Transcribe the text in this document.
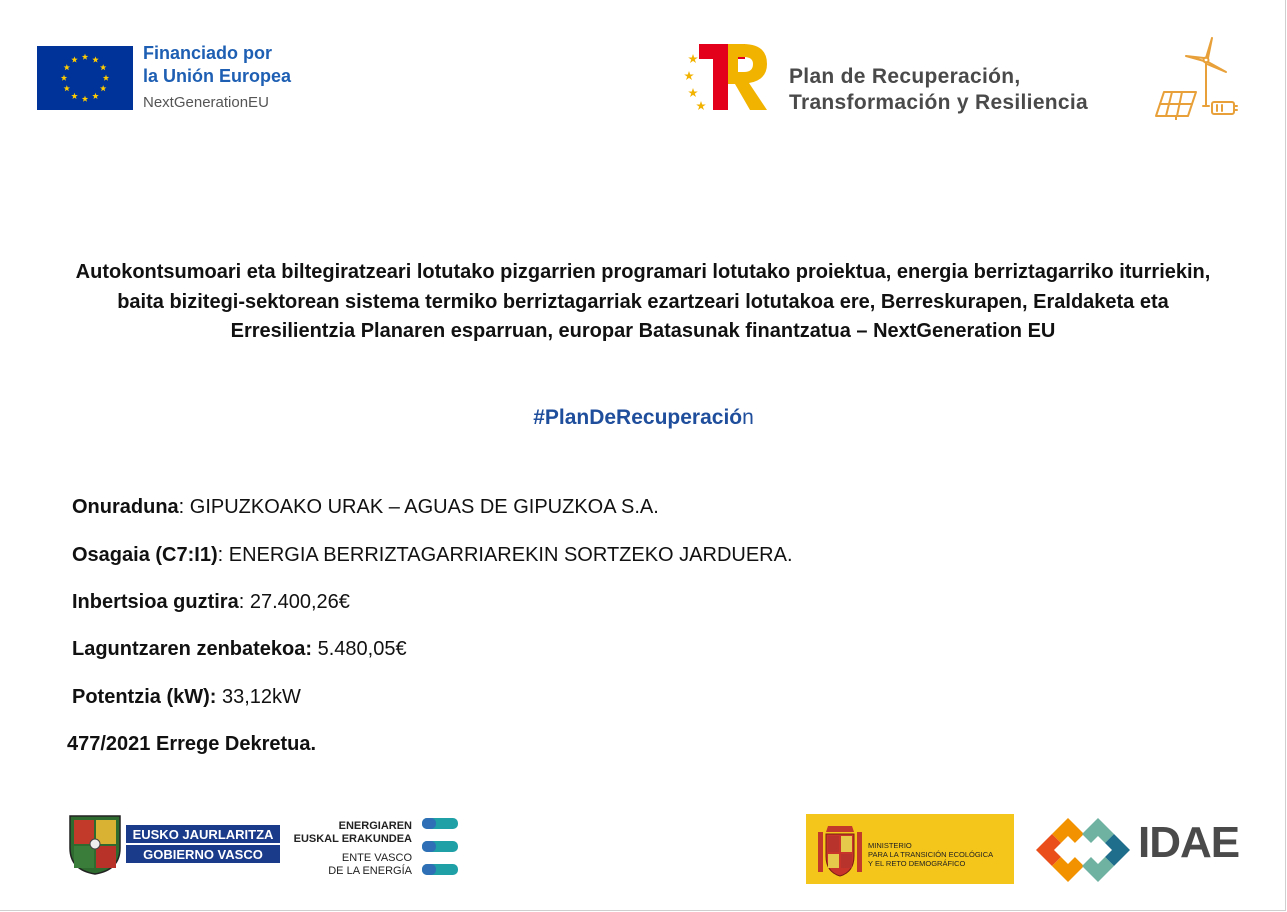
Financiado por
la Unión Europea
NextGenerationEU
Plan de Recuperación,
Transformación y Resiliencia
Autokontsumoari eta biltegiratzeari lotutako pizgarrien programari lotutako proiektua, energia berriztagarriko iturriekin, baita bizitegi-sektorean sistema termiko berriztagarriak ezartzeari lotutakoa ere, Berreskurapen, Eraldaketa eta Erresilientzia Planaren esparruan, europar Batasunak finantzatua – NextGeneration EU
#PlanDeRecuperación
Onuraduna: GIPUZKOAKO URAK – AGUAS DE GIPUZKOA S.A.
Osagaia (C7:I1): ENERGIA BERRIZTAGARRIAREKIN SORTZEKO JARDUERA.
Inbertsioa guztira: 27.400,26€
Laguntzaren zenbatekoa: 5.480,05€
Potentzia (kW): 33,12kW
477/2021 Errege Dekretua.
EUSKO JAURLARITZA
GOBIERNO VASCO
ENERGIAREN
EUSKAL ERAKUNDEA
ENTE VASCO
DE LA ENERGÍA
MINISTERIO
PARA LA TRANSICIÓN ECOLÓGICA
Y EL RETO DEMOGRÁFICO	IDAE
